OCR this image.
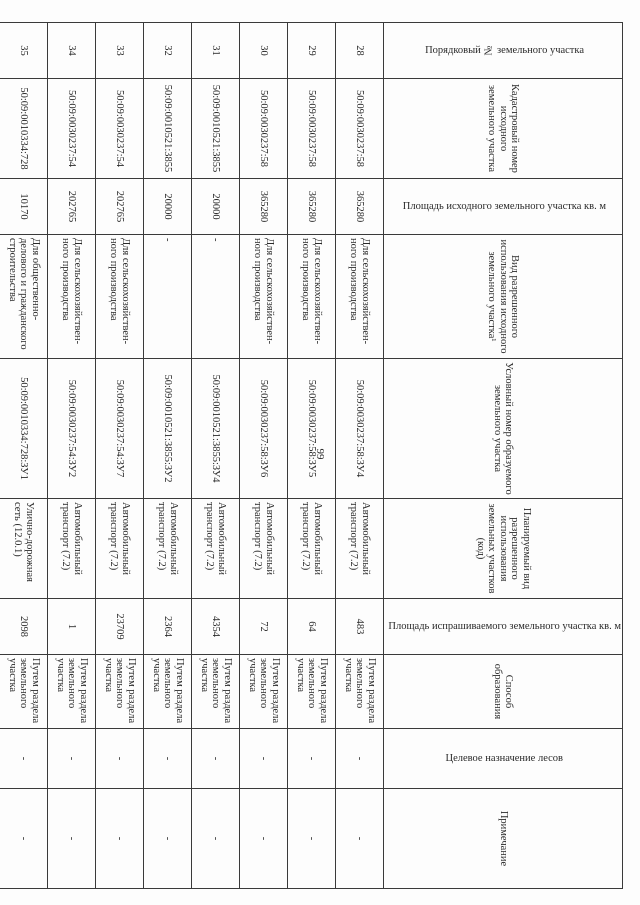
99
Порядковый № земельного участка	Кадастровый номер исходного земельного участка	Площадь исходного земельного участка кв. м	Вид разрешенного использования исходного земельного участка¹	Условный номер образуемого земельного участка	Планируемый вид разрешенного использования земельных участков (код)	Площадь испрашиваемого земельного участка кв. м	Способ образования	Целевое назначение лесов	Примечание
28	50:09:0030237:58	365280	Для сельскохозяйствен-ного производства	50:09:0030237:58:ЗУ4	Автомобильный транспорт (7.2)	483	Путем раздела земельного участка	-	-
29	50:09:0030237:58	365280	Для сельскохозяйствен-ного производства	50:09:0030237:58:ЗУ5	Автомобильный транспорт (7.2)	64	Путем раздела земельного участка	-	-
30	50:09:0030237:58	365280	Для сельскохозяйствен-ного производства	50:09:0030237:58:ЗУ6	Автомобильный транспорт (7.2)	72	Путем раздела земельного участка	-	-
31	50:09:0010521:3855	20000	-	50:09:0010521:3855:ЗУ4	Автомобильный транспорт (7.2)	4354	Путем раздела земельного участка	-	-
32	50:09:0010521:3855	20000	-	50:09:0010521:3855:ЗУ2	Автомобильный транспорт (7.2)	2364	Путем раздела земельного участка	-	-
33	50:09:0030237:54	202765	Для сельскохозяйствен-ного производства	50:09:0030237:54:ЗУ7	Автомобильный транспорт (7.2)	23709	Путем раздела земельного участка	-	-
34	50:09:0030237:54	202765	Для сельскохозяйствен-ного производства	50:09:0030237:54:ЗУ2	Автомобильный транспорт (7.2)	1	Путем раздела земельного участка	-	-
35	50:09:0010334:728	10170	Для общественно-делового и гражданского строительства	50:09:0010334:728:ЗУ1	Улично-дорожная сеть (12.0.1)	2098	Путем раздела земельного участка	-	-
